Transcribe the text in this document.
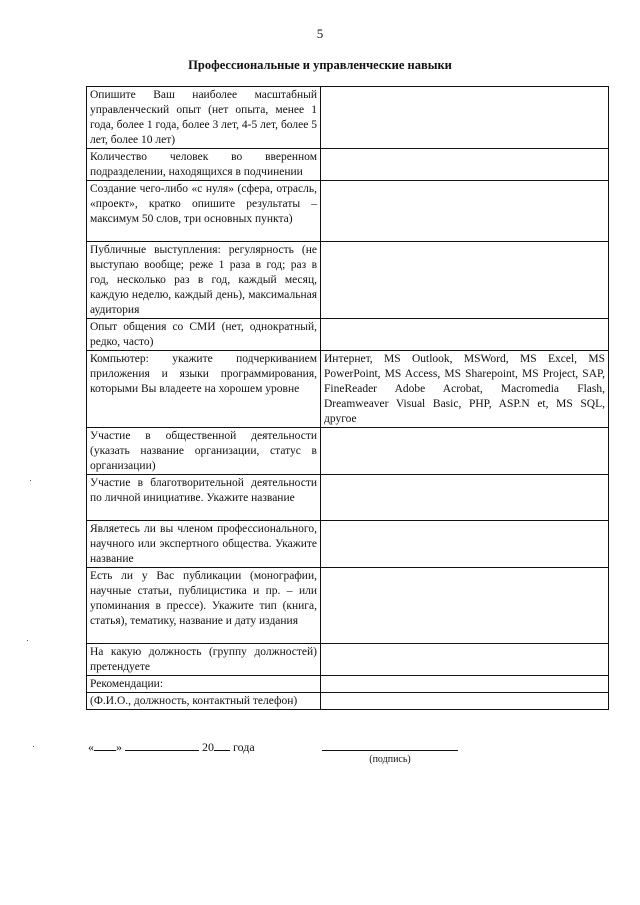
5
Профессиональные и управленческие навыки
Опишите Ваш наиболее масштабный управленческий опыт (нет опыта, менее 1 года, более 1 года, более 3 лет, 4-5 лет, более 5 лет, более 10 лет)	
Количество человек во вверенном подразделении, находящихся в подчинении	
Создание чего-либо «с нуля» (сфера, отрасль, «проект», кратко опишите результаты – максимум 50 слов, три основных пункта)	
Публичные выступления: регулярность (не выступаю вообще; реже 1 раза в год; раз в год, несколько раз в год, каждый месяц, каждую неделю, каждый день), максимальная аудитория	
Опыт общения со СМИ (нет, однократный, редко, часто)	
Компьютер: укажите подчеркиванием приложения и языки программирования, которыми Вы владеете на хорошем уровне	Интернет, MS Outlook, MSWord, MS Excel, MS PowerPoint, MS Access, MS Sharepoint, MS Project, SAP, FineReader Adobe Acrobat, Macromedia Flash, Dreamweaver Visual Basic, PHP, ASP.N et, MS SQL, другое
Участие в общественной деятельности (указать название организации, статус в организации)	
Участие в благотворительной деятельности по личной инициативе. Укажите название	
Являетесь ли вы членом профессионального, научного или экспертного общества. Укажите название	
Есть ли у Вас публикации (монографии, научные статьи, публицистика и пр. – или упоминания в прессе). Укажите тип (книга, статья), тематику, название и дату издания	
На какую должность (группу должностей) претендуете	
Рекомендации:	
(Ф.И.О., должность, контактный телефон)	
« »	20 года
(подпись)
